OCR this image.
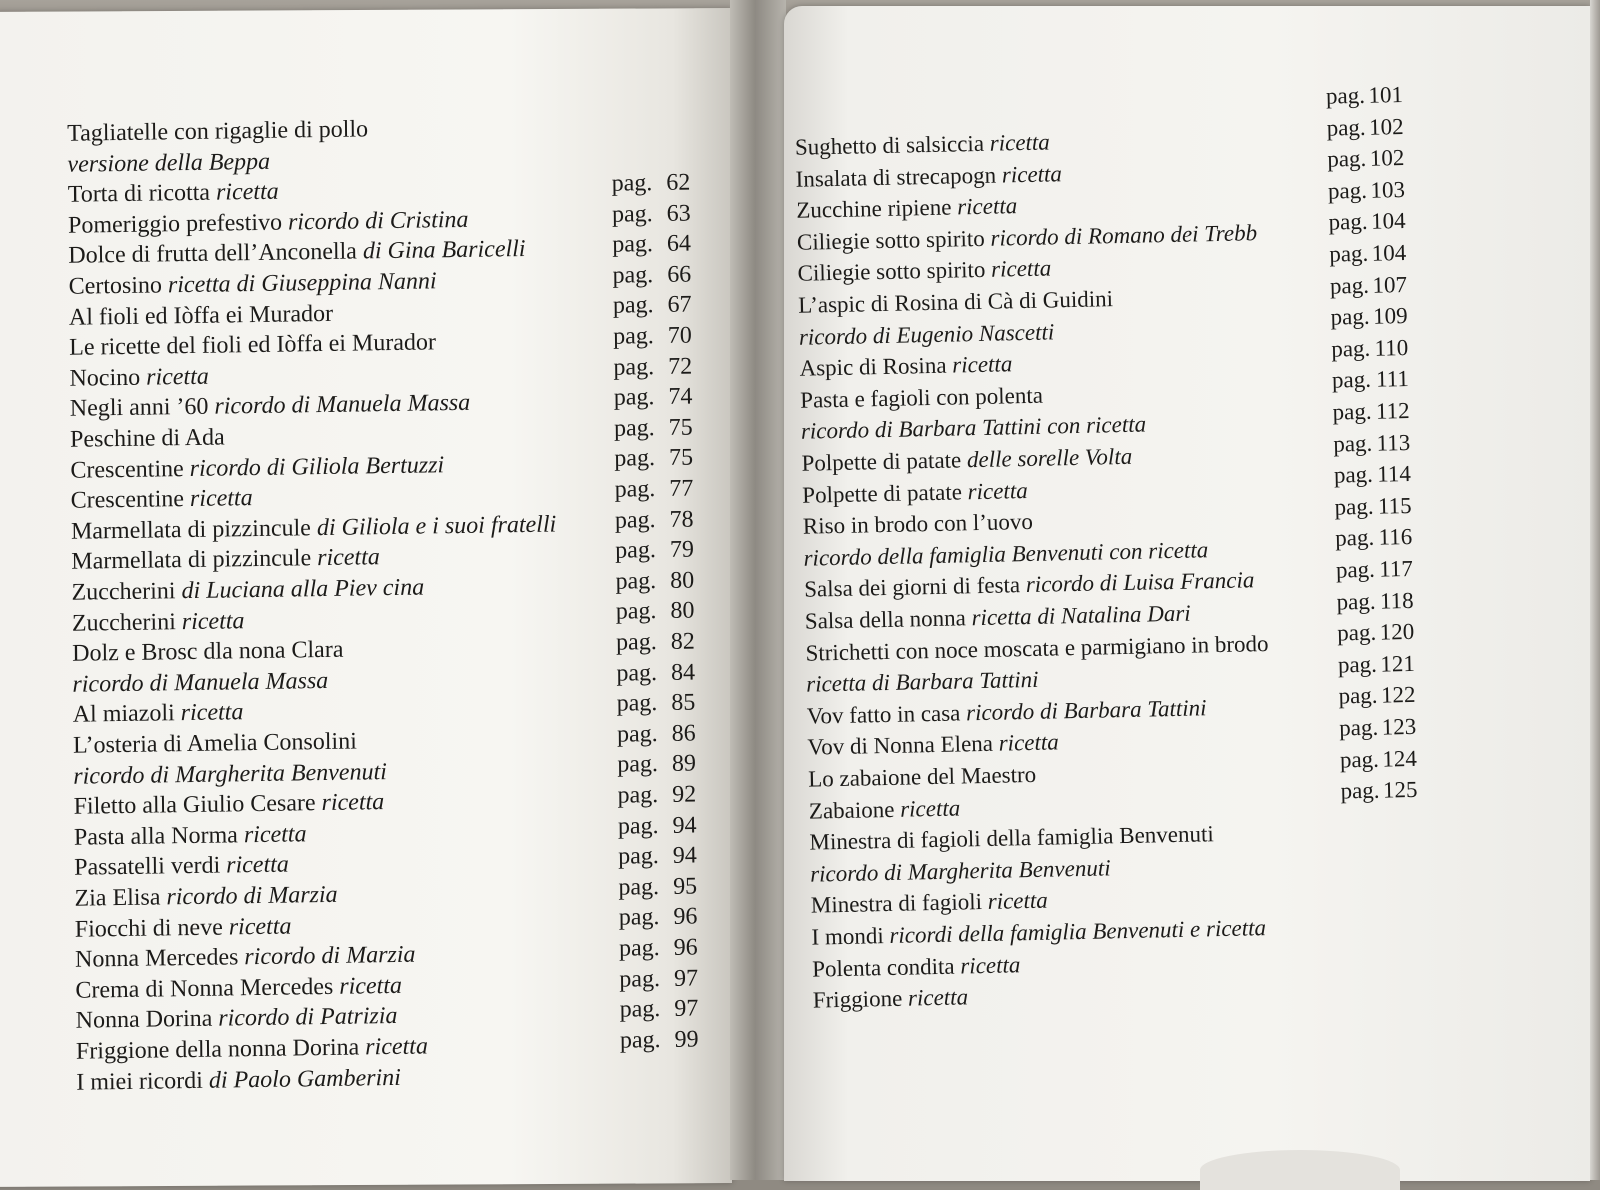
Tagliatelle con rigaglie di pollo
versione della Beppa
Torta di ricotta ricetta
Pomeriggio prefestivo ricordo di Cristina
Dolce di frutta dell’Anconella di Gina Baricelli
Certosino ricetta di Giuseppina Nanni
Al fioli ed Iòffa ei Murador
Le ricette del fioli ed Iòffa ei Murador
Nocino ricetta
Negli anni ’60 ricordo di Manuela Massa
Peschine di Ada
Crescentine ricordo di Giliola Bertuzzi
Crescentine ricetta
Marmellata di pizzincule di Giliola e i suoi fratelli
Marmellata di pizzincule ricetta
Zuccherini di Luciana alla Piev cina
Zuccherini ricetta
Dolz e Brosc dla nona Clara
ricordo di Manuela Massa
Al miazoli ricetta
L’osteria di Amelia Consolini
ricordo di Margherita Benvenuti
Filetto alla Giulio Cesare ricetta
Pasta alla Norma ricetta
Passatelli verdi ricetta
Zia Elisa ricordo di Marzia
Fiocchi di neve ricetta
Nonna Mercedes ricordo di Marzia
Crema di Nonna Mercedes ricetta
Nonna Dorina ricordo di Patrizia
Friggione della nonna Dorina ricetta
I miei ricordi di Paolo Gamberini
pag.62
pag.63
pag.64
pag.66
pag.67
pag.70
pag.72
pag.74
pag.75
pag.75
pag.77
pag.78
pag.79
pag.80
pag.80
pag.82
pag.84
pag.85
pag.86
pag.89
pag.92
pag.94
pag.94
pag.95
pag.96
pag.96
pag.97
pag.97
pag.99
Sughetto di salsiccia ricetta
Insalata di strecapogn ricetta
Zucchine ripiene ricetta
Ciliegie sotto spirito ricordo di Romano dei Trebb
Ciliegie sotto spirito ricetta
L’aspic di Rosina di Cà di Guidini
ricordo di Eugenio Nascetti
Aspic di Rosina ricetta
Pasta e fagioli con polenta
ricordo di Barbara Tattini con ricetta
Polpette di patate delle sorelle Volta
Polpette di patate ricetta
Riso in brodo con l’uovo
ricordo della famiglia Benvenuti con ricetta
Salsa dei giorni di festa ricordo di Luisa Francia
Salsa della nonna ricetta di Natalina Dari
Strichetti con noce moscata e parmigiano in brodo
ricetta di Barbara Tattini
Vov fatto in casa ricordo di Barbara Tattini
Vov di Nonna Elena ricetta
Lo zabaione del Maestro
Zabaione ricetta
Minestra di fagioli della famiglia Benvenuti
ricordo di Margherita Benvenuti
Minestra di fagioli ricetta
I mondi ricordi della famiglia Benvenuti e ricetta
Polenta condita ricetta
Friggione ricetta
pag.101
pag.102
pag.102
pag.103
pag.104
pag.104
pag.107
pag.109
pag.110
pag.111
pag.112
pag.113
pag.114
pag.115
pag.116
pag.117
pag.118
pag.120
pag.121
pag.122
pag.123
pag.124
pag.125
